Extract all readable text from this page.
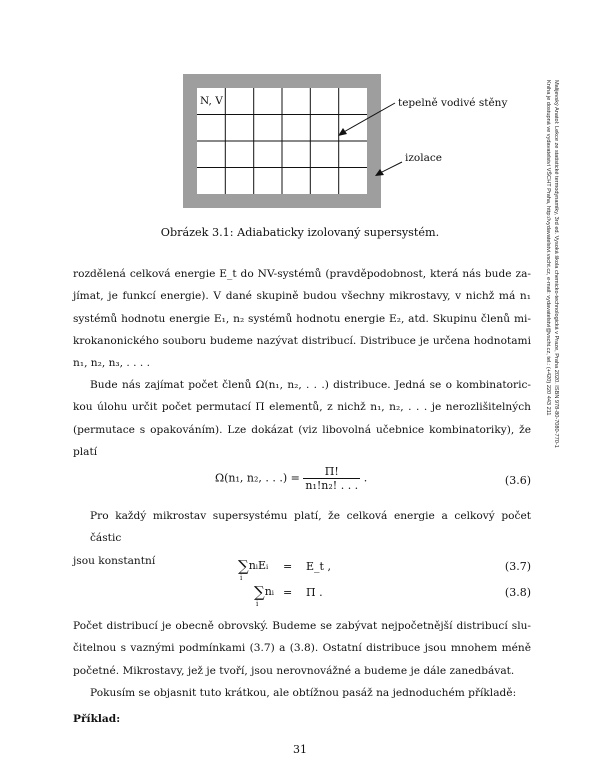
N, V	tepelně vodivé stěny
izolace
Obrázek 3.1: Adiabaticky izolovaný supersystém.
rozdělená celková energie E_t do NV-systémů (pravděpodobnost, která nás bude za-
jímat, je funkcí energie). V dané skupině budou všechny mikrostavy, v nichž má n₁
systémů hodnotu energie E₁, n₂ systémů hodnotu energie E₂, atd. Skupinu členů mi-
krokanonického souboru budeme nazývat distribucí. Distribuce je určena hodnotami
n₁, n₂, n₃, . . . .
Bude nás zajímat počet členů Ω(n₁, n₂, . . .) distribuce. Jedná se o kombinatoric-
kou úlohu určit počet permutací Π elementů, z nichž n₁, n₂, . . . je nerozlišitelných
(permutace s opakováním). Lze dokázat (viz libovolná učebnice kombinatoriky), že
platí
Ω(n₁, n₂, . . .) = $\frac{\Pi!}{\text{n₁!n₂! . . .}}$ .	(3.6)
Pro každý mikrostav supersystému platí, že celková energie a celkový počet částic
jsou konstantní	∑nᵢEᵢ
i
= E_t ,	(3.7)
∑nᵢ
i
= Π .	(3.8)
Počet distribucí je obecně obrovský. Budeme se zabývat nejpočetnější distribucí slu-
čitelnou s vaznými podmínkami (3.7) a (3.8). Ostatní distribuce jsou mnohem méně
početné. Mikrostavy, jež je tvoří, jsou nerovnovážné a budeme je dále zanedbávat.
Pokusím se objasnit tuto krátkou, ale obtížnou pasáž na jednoduchém příkladě:
Příklad:
31
Malijevský Anatol: Lekce ze statistické termodynamiky, 3rd ed. Vysoká škola chemicko-technologická v Praze, Praha 2020. ISBN 978-80-7080-770-1
Kniha je dostupná ve vydavatelství VŠCHT Praha, http://vydavatelstvi.vscht.cz, e-mail: vydavatelstvi@vscht.cz, tel.: (+420) 220 443 211
